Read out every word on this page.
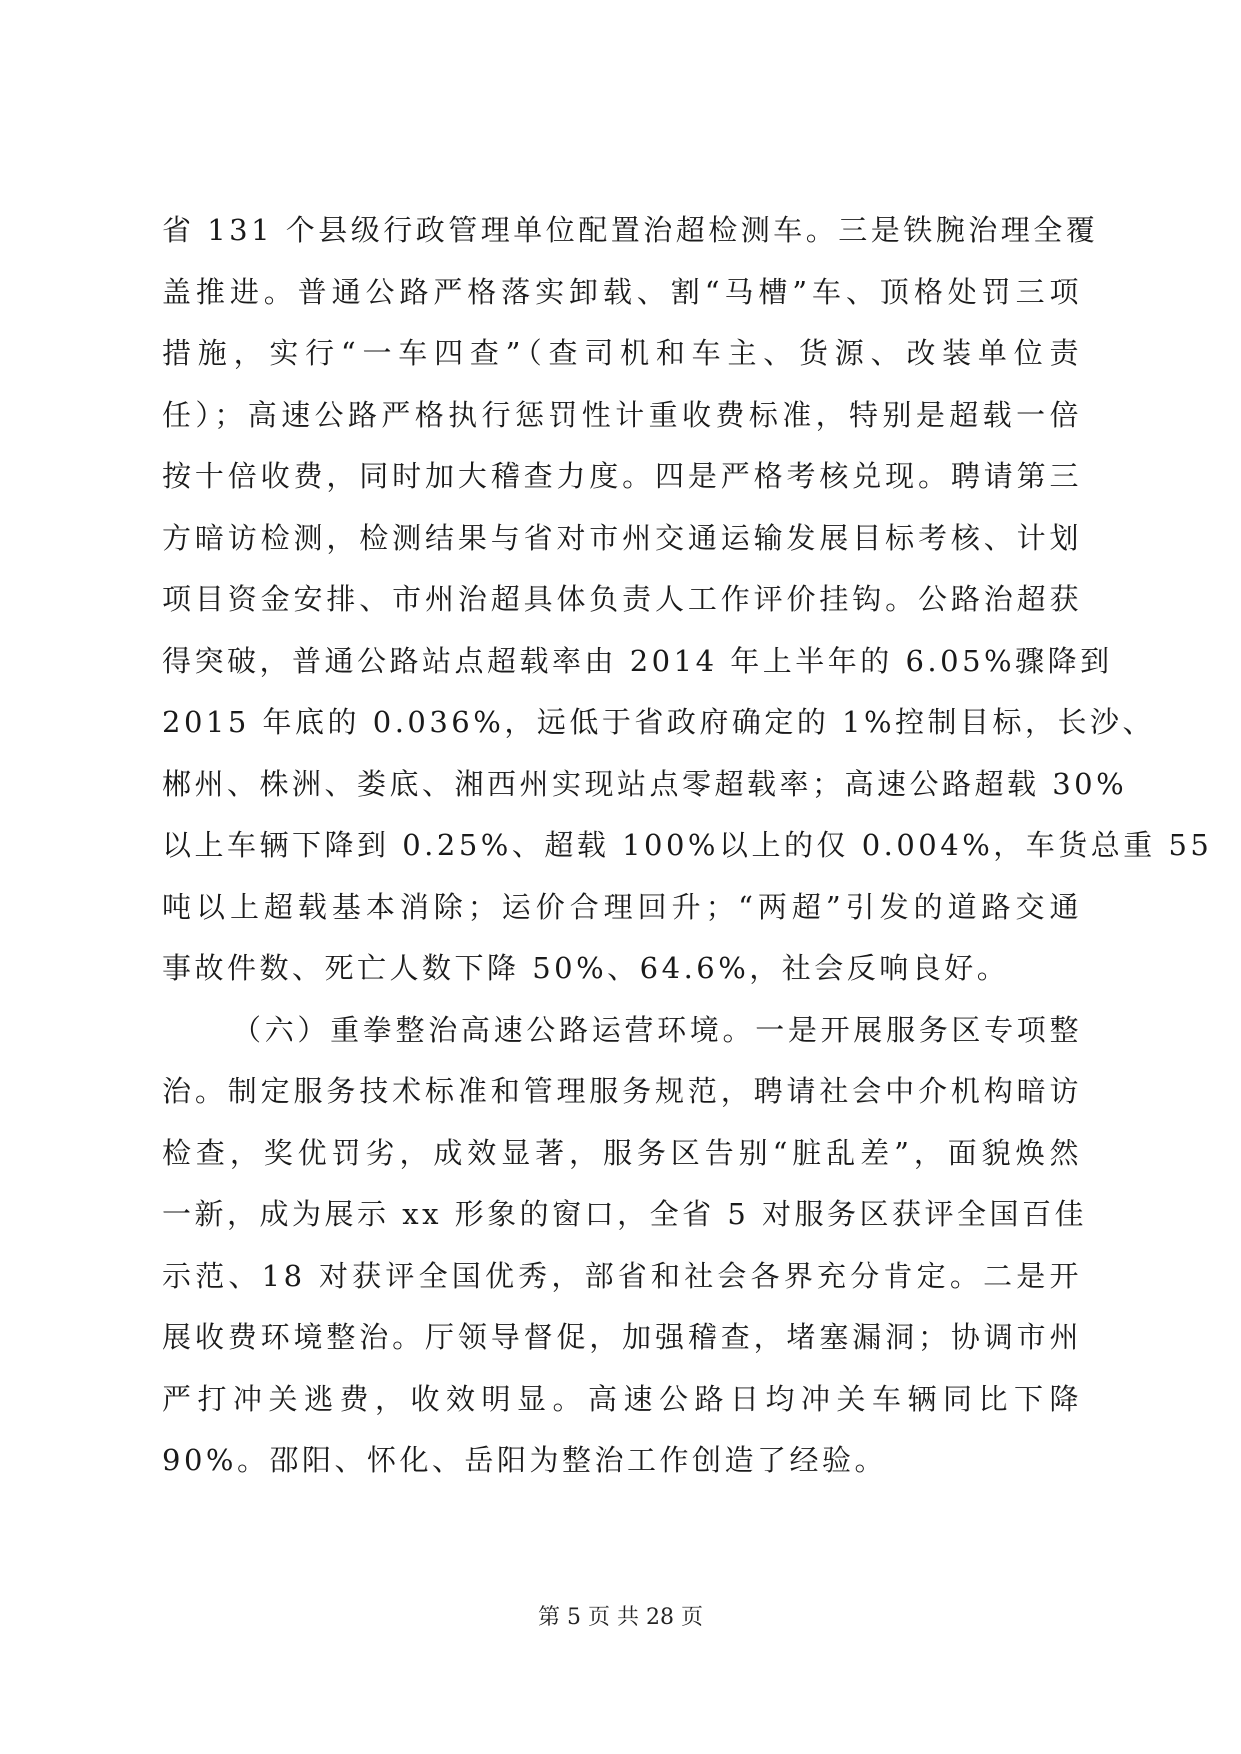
省 131 个县级行政管理单位配置治超检测车。三是铁腕治理全覆
盖推进。普通公路严格落实卸载、割“马槽”车、顶格处罚三项
措施，实行“一车四查”（查司机和车主、货源、改装单位责
任）；高速公路严格执行惩罚性计重收费标准，特别是超载一倍
按十倍收费，同时加大稽查力度。四是严格考核兑现。聘请第三
方暗访检测，检测结果与省对市州交通运输发展目标考核、计划
项目资金安排、市州治超具体负责人工作评价挂钩。公路治超获
得突破，普通公路站点超载率由 2014 年上半年的 6.05%骤降到
2015 年底的 0.036%，远低于省政府确定的 1%控制目标，长沙、
郴州、株洲、娄底、湘西州实现站点零超载率；高速公路超载 30%
以上车辆下降到 0.25%、超载 100%以上的仅 0.004%，车货总重 55
吨以上超载基本消除；运价合理回升；“两超”引发的道路交通
事故件数、死亡人数下降 50%、64.6%，社会反响良好。
（六）重拳整治高速公路运营环境。一是开展服务区专项整
治。制定服务技术标准和管理服务规范，聘请社会中介机构暗访
检查，奖优罚劣，成效显著，服务区告别“脏乱差”，面貌焕然
一新，成为展示 xx 形象的窗口，全省 5 对服务区获评全国百佳
示范、18 对获评全国优秀，部省和社会各界充分肯定。二是开
展收费环境整治。厅领导督促，加强稽查，堵塞漏洞；协调市州
严打冲关逃费，收效明显。高速公路日均冲关车辆同比下降
90%。邵阳、怀化、岳阳为整治工作创造了经验。
第 5 页 共 28 页
